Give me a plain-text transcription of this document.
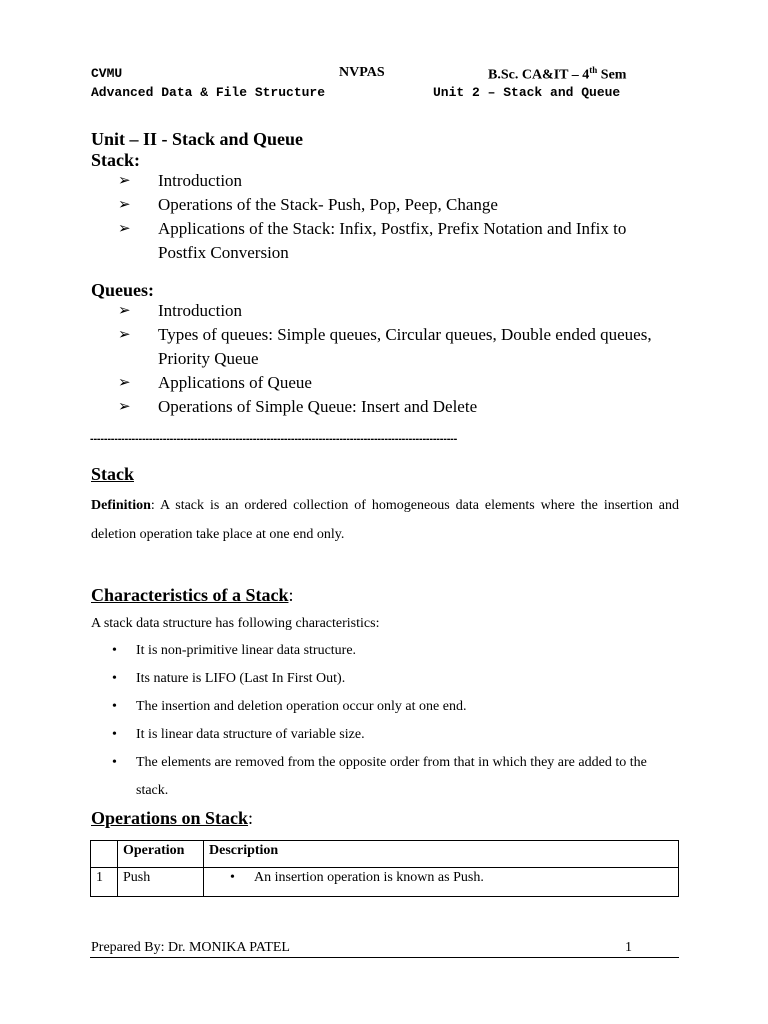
CVMU	NVPAS	B.Sc. CA&IT – 4th Sem
Advanced Data & File Structure	Unit 2 – Stack and Queue
Unit – II - Stack and Queue
Stack:
➢ Introduction
➢ Operations of the Stack- Push, Pop, Peep, Change
➢ Applications of the Stack: Infix, Postfix, Prefix Notation and Infix to Postfix Conversion
Queues:
➢ Introduction
➢ Types of queues: Simple queues, Circular queues, Double ended queues, Priority Queue
➢ Applications of Queue
➢ Operations of Simple Queue: Insert and Delete
----------------------------------------------------------------------------------------------------------
Stack
Definition: A stack is an ordered collection of homogeneous data elements where the insertion and deletion operation take place at one end only.
Characteristics of a Stack:
A stack data structure has following characteristics:
• It is non-primitive linear data structure.
• Its nature is LIFO (Last In First Out).
• The insertion and deletion operation occur only at one end.
• It is linear data structure of variable size.
• The elements are removed from the opposite order from that in which they are added to the stack.
Operations on Stack:
	Operation	Description
1	Push	• An insertion operation is known as Push.
Prepared By: Dr. MONIKA PATEL	1
